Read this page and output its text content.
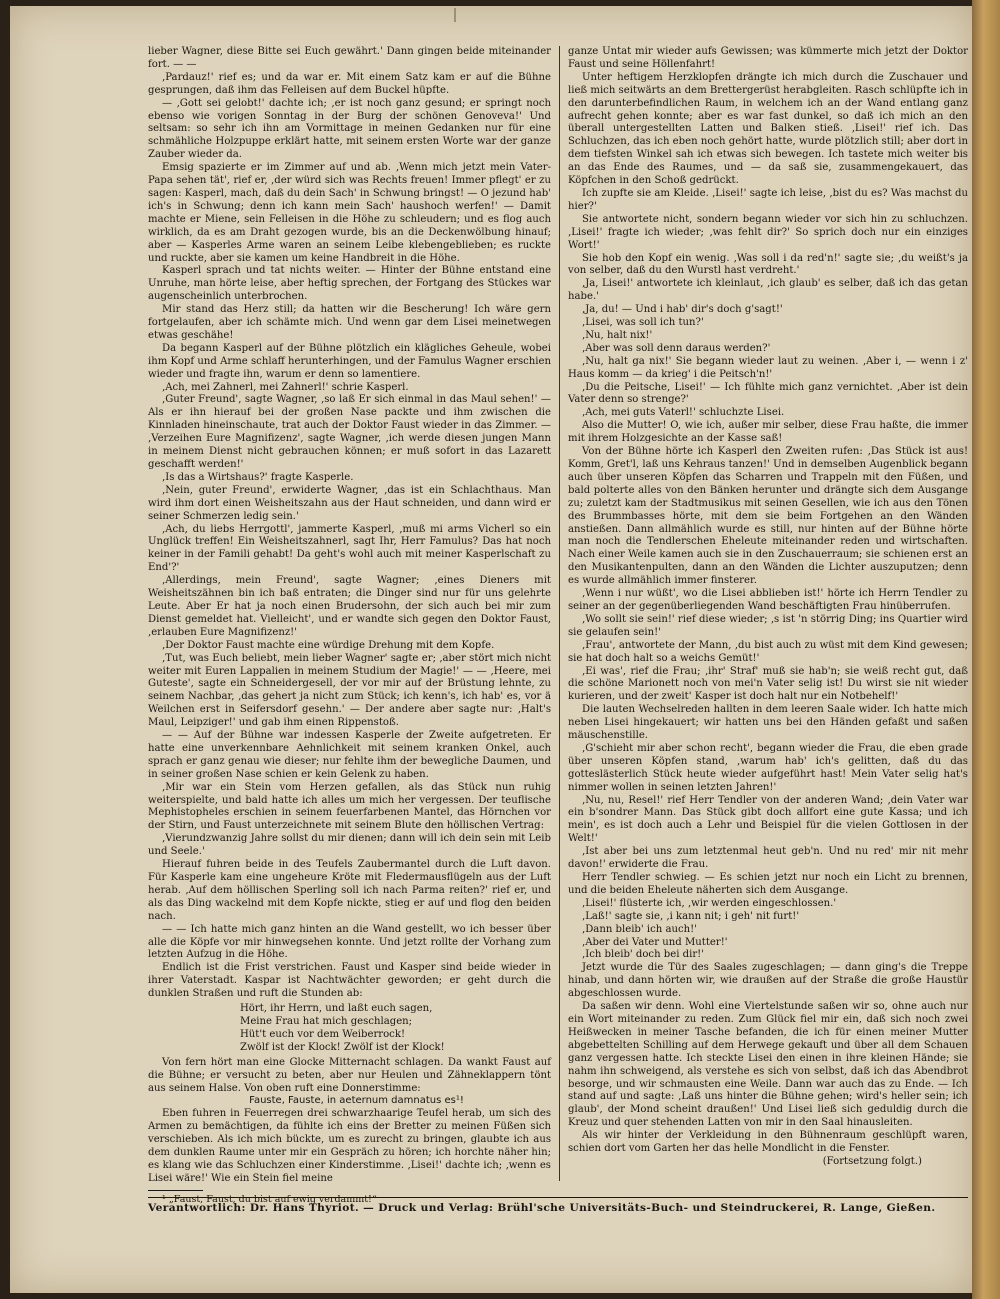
lieber Wagner, diese Bitte sei Euch gewährt.' Dann gingen beide miteinander fort. — —

‚Pardauz!' rief es; und da war er. Mit einem Satz kam er auf die Bühne gesprungen, daß ihm das Felleisen auf dem Buckel hüpfte.

— ‚Gott sei gelobt!' dachte ich; ‚er ist noch ganz gesund; er springt noch ebenso wie vorigen Sonntag in der Burg der schönen Genoveva!' Und seltsam: so sehr ich ihn am Vormittage in meinen Gedanken nur für eine schmähliche Holzpuppe erklärt hatte, mit seinem ersten Worte war der ganze Zauber wieder da.

Emsig spazierte er im Zimmer auf und ab. ‚Wenn mich jetzt mein Vater-Papa sehen tät', rief er, ‚der würd sich was Rechts freuen! Immer pflegt' er zu sagen: Kasperl, mach, daß du dein Sach' in Schwung bringst! — O jezund hab' ich's in Schwung; denn ich kann mein Sach' haushoch werfen!' — Damit machte er Miene, sein Felleisen in die Höhe zu schleudern; und es flog auch wirklich, da es am Draht gezogen wurde, bis an die Deckenwölbung hinauf; aber — Kasperles Arme waren an seinem Leibe klebengeblieben; es ruckte und ruckte, aber sie kamen um keine Handbreit in die Höhe.

Kasperl sprach und tat nichts weiter. — Hinter der Bühne entstand eine Unruhe, man hörte leise, aber heftig sprechen, der Fortgang des Stückes war augenscheinlich unterbrochen.

Mir stand das Herz still; da hatten wir die Bescherung! Ich wäre gern fortgelaufen, aber ich schämte mich. Und wenn gar dem Lisei meinetwegen etwas geschähe!

Da begann Kasperl auf der Bühne plötzlich ein klägliches Geheule, wobei ihm Kopf und Arme schlaff herunterhingen, und der Famulus Wagner erschien wieder und fragte ihn, warum er denn so lamentiere.

‚Ach, mei Zahnerl, mei Zahnerl!' schrie Kasperl.

‚Guter Freund', sagte Wagner, ‚so laß Er sich einmal in das Maul sehen!' — Als er ihn hierauf bei der großen Nase packte und ihm zwischen die Kinnladen hineinschaute, trat auch der Doktor Faust wieder in das Zimmer. — ‚Verzeihen Eure Magnifizenz', sagte Wagner, ‚ich werde diesen jungen Mann in meinem Dienst nicht gebrauchen können; er muß sofort in das Lazarett geschafft werden!'

‚Is das a Wirtshaus?' fragte Kasperle.

‚Nein, guter Freund', erwiderte Wagner, ‚das ist ein Schlachthaus. Man wird ihm dort einen Weisheitszahn aus der Haut schneiden, und dann wird er seiner Schmerzen ledig sein.'

‚Ach, du liebs Herrgottl', jammerte Kasperl, ‚muß mi arms Vicherl so ein Unglück treffen! Ein Weisheitszahnerl, sagt Ihr, Herr Famulus? Das hat noch keiner in der Famili gehabt! Da geht's wohl auch mit meiner Kasperlschaft zu End'?'

‚Allerdings, mein Freund', sagte Wagner; ‚eines Dieners mit Weisheitszähnen bin ich baß entraten; die Dinger sind nur für uns gelehrte Leute. Aber Er hat ja noch einen Brudersohn, der sich auch bei mir zum Dienst gemeldet hat. Vielleicht', und er wandte sich gegen den Doktor Faust, ‚erlauben Eure Magnifizenz!'

‚Der Doktor Faust machte eine würdige Drehung mit dem Kopfe.

‚Tut, was Euch beliebt, mein lieber Wagner' sagte er; ‚aber stört mich nicht weiter mit Euren Lappalien in meinem Studium der Magie!' — — ‚Heere, mei Guteste', sagte ein Schneidergesell, der vor mir auf der Brüstung lehnte, zu seinem Nachbar, ‚das gehert ja nicht zum Stück; ich kenn's, ich hab' es, vor ä Weilchen erst in Seifersdorf gesehn.' — Der andere aber sagte nur: ‚Halt's Maul, Leipziger!' und gab ihm einen Rippenstoß.

— — Auf der Bühne war indessen Kasperle der Zweite aufgetreten. Er hatte eine unverkennbare Aehnlichkeit mit seinem kranken Onkel, auch sprach er ganz genau wie dieser; nur fehlte ihm der bewegliche Daumen, und in seiner großen Nase schien er kein Gelenk zu haben.

‚Mir war ein Stein vom Herzen gefallen, als das Stück nun ruhig weiterspielte, und bald hatte ich alles um mich her vergessen. Der teuflische Mephistopheles erschien in seinem feuerfarbenen Mantel, das Hörnchen vor der Stirn, und Faust unterzeichnete mit seinem Blute den höllischen Vertrag:

‚Vierundzwanzig Jahre sollst du mir dienen; dann will ich dein sein mit Leib und Seele.'

Hierauf fuhren beide in des Teufels Zaubermantel durch die Luft davon. Für Kasperle kam eine ungeheure Kröte mit Fledermausflügeln aus der Luft herab. ‚Auf dem höllischen Sperling soll ich nach Parma reiten?' rief er, und als das Ding wackelnd mit dem Kopfe nickte, stieg er auf und flog den beiden nach.

— — Ich hatte mich ganz hinten an die Wand gestellt, wo ich besser über alle die Köpfe vor mir hinwegsehen konnte. Und jetzt rollte der Vorhang zum letzten Aufzug in die Höhe.

Endlich ist die Frist verstrichen. Faust und Kasper sind beide wieder in ihrer Vaterstadt. Kaspar ist Nachtwächter geworden; er geht durch die dunklen Straßen und ruft die Stunden ab:

Hört, ihr Herrn, und laßt euch sagen,
Meine Frau hat mich geschlagen;
Hüt't euch vor dem Weiberrock!
Zwölf ist der Klock! Zwölf ist der Klock!

Von fern hört man eine Glocke Mitternacht schlagen. Da wankt Faust auf die Bühne; er versucht zu beten, aber nur Heulen und Zähneklappern tönt aus seinem Halse. Von oben ruft eine Donnerstimme:

Fauste, Fauste, in aeternum damnatus es¹!

Eben fuhren in Feuerregen drei schwarzhaarige Teufel herab, um sich des Armen zu bemächtigen, da fühlte ich eins der Bretter zu meinen Füßen sich verschieben. Als ich mich bückte, um es zurecht zu bringen, glaubte ich aus dem dunklen Raume unter mir ein Gespräch zu hören; ich horchte näher hin; es klang wie das Schluchzen einer Kinderstimme. ‚Lisei!' dachte ich; ‚wenn es Lisei wäre!' Wie ein Stein fiel meine

¹ „Faust, Faust, du bist auf ewig verdammt!“

ganze Untat mir wieder aufs Gewissen; was kümmerte mich jetzt der Doktor Faust und seine Höllenfahrt!

Unter heftigem Herzklopfen drängte ich mich durch die Zuschauer und ließ mich seitwärts an dem Brettergerüst herabgleiten. Rasch schlüpfte ich in den darunterbefindlichen Raum, in welchem ich an der Wand entlang ganz aufrecht gehen konnte; aber es war fast dunkel, so daß ich mich an den überall untergestellten Latten und Balken stieß. ‚Lisei!' rief ich. Das Schluchzen, das ich eben noch gehört hatte, wurde plötzlich still; aber dort in dem tiefsten Winkel sah ich etwas sich bewegen. Ich tastete mich weiter bis an das Ende des Raumes, und — da saß sie, zusammengekauert, das Köpfchen in den Schoß gedrückt.

Ich zupfte sie am Kleide. ‚Lisei!' sagte ich leise, ‚bist du es? Was machst du hier?'

Sie antwortete nicht, sondern begann wieder vor sich hin zu schluchzen. ‚Lisei!' fragte ich wieder; ‚was fehlt dir?' So sprich doch nur ein einziges Wort!'

Sie hob den Kopf ein wenig. ‚Was soll i da red'n!' sagte sie; ‚du weißt's ja von selber, daß du den Wurstl hast verdreht.'

‚Ja, Lisei!' antwortete ich kleinlaut, ‚ich glaub' es selber, daß ich das getan habe.'

‚Ja, du! — Und i hab' dir's doch g'sagt!'

‚Lisei, was soll ich tun?'

‚Nu, halt nix!'

‚Aber was soll denn daraus werden?'

‚Nu, halt ga nix!' Sie begann wieder laut zu weinen. ‚Aber i, — wenn i z' Haus komm — da krieg' i die Peitsch'n!'

‚Du die Peitsche, Lisei!' — Ich fühlte mich ganz vernichtet. ‚Aber ist dein Vater denn so strenge?'

‚Ach, mei guts Vaterl!' schluchzte Lisei.

Also die Mutter! O, wie ich, außer mir selber, diese Frau haßte, die immer mit ihrem Holzgesichte an der Kasse saß!

Von der Bühne hörte ich Kasperl den Zweiten rufen: ‚Das Stück ist aus! Komm, Gret'l, laß uns Kehraus tanzen!' Und in demselben Augenblick begann auch über unseren Köpfen das Scharren und Trappeln mit den Füßen, und bald polterte alles von den Bänken herunter und drängte sich dem Ausgange zu; zuletzt kam der Stadtmusikus mit seinen Gesellen, wie ich aus den Tönen des Brummbasses hörte, mit dem sie beim Fortgehen an den Wänden anstießen. Dann allmählich wurde es still, nur hinten auf der Bühne hörte man noch die Tendlerschen Eheleute miteinander reden und wirtschaften. Nach einer Weile kamen auch sie in den Zuschauerraum; sie schienen erst an den Musikantenpulten, dann an den Wänden die Lichter auszuputzen; denn es wurde allmählich immer finsterer.

‚Wenn i nur wüßt', wo die Lisei abblieben ist!' hörte ich Herrn Tendler zu seiner an der gegenüberliegenden Wand beschäftigten Frau hinüberrufen.

‚Wo sollt sie sein!' rief diese wieder; ‚s ist 'n störrig Ding; ins Quartier wird sie gelaufen sein!'

‚Frau', antwortete der Mann, ‚du bist auch zu wüst mit dem Kind gewesen; sie hat doch halt so a weichs Gemüt!'

‚Ei was', rief die Frau; ‚ihr' Straf' muß sie hab'n; sie weiß recht gut, daß die schöne Marionett noch von mei'n Vater selig ist! Du wirst sie nit wieder kurieren, und der zweit' Kasper ist doch halt nur ein Notbehelf!'

Die lauten Wechselreden hallten in dem leeren Saale wider. Ich hatte mich neben Lisei hingekauert; wir hatten uns bei den Händen gefaßt und saßen mäuschenstille.

‚G'schieht mir aber schon recht', begann wieder die Frau, die eben grade über unseren Köpfen stand, ‚warum hab' ich's gelitten, daß du das gotteslästerlich Stück heute wieder aufgeführt hast! Mein Vater selig hat's nimmer wollen in seinen letzten Jahren!'

‚Nu, nu, Resel!' rief Herr Tendler von der anderen Wand; ‚dein Vater war ein b'sondrer Mann. Das Stück gibt doch allfort eine gute Kassa; und ich mein', es ist doch auch a Lehr und Beispiel für die vielen Gottlosen in der Welt!'

‚Ist aber bei uns zum letztenmal heut geb'n. Und nu red' mir nit mehr davon!' erwiderte die Frau.

Herr Tendler schwieg. — Es schien jetzt nur noch ein Licht zu brennen, und die beiden Eheleute näherten sich dem Ausgange.

‚Lisei!' flüsterte ich, ‚wir werden eingeschlossen.'

‚Laß!' sagte sie, ‚i kann nit; i geh' nit furt!'

‚Dann bleib' ich auch!'

‚Aber dei Vater und Mutter!'

‚Ich bleib' doch bei dir!'

Jetzt wurde die Tür des Saales zugeschlagen; — dann ging's die Treppe hinab, und dann hörten wir, wie draußen auf der Straße die große Haustür abgeschlossen wurde.

Da saßen wir denn. Wohl eine Viertelstunde saßen wir so, ohne auch nur ein Wort miteinander zu reden. Zum Glück fiel mir ein, daß sich noch zwei Heißwecken in meiner Tasche befanden, die ich für einen meiner Mutter abgebettelten Schilling auf dem Herwege gekauft und über all dem Schauen ganz vergessen hatte. Ich steckte Lisei den einen in ihre kleinen Hände; sie nahm ihn schweigend, als verstehe es sich von selbst, daß ich das Abendbrot besorge, und wir schmausten eine Weile. Dann war auch das zu Ende. — Ich stand auf und sagte: ‚Laß uns hinter die Bühne gehen; wird's heller sein; ich glaub', der Mond scheint draußen!' Und Lisei ließ sich geduldig durch die Kreuz und quer stehenden Latten von mir in den Saal hinausleiten.

Als wir hinter der Verkleidung in den Bühnenraum geschlüpft waren, schien dort vom Garten her das helle Mondlicht in die Fenster.

(Fortsetzung folgt.)

Verantwortlich: Dr. Hans Thyriot. — Druck und Verlag: Brühl'sche Universitäts-Buch- und Steindruckerei, R. Lange, Gießen.
